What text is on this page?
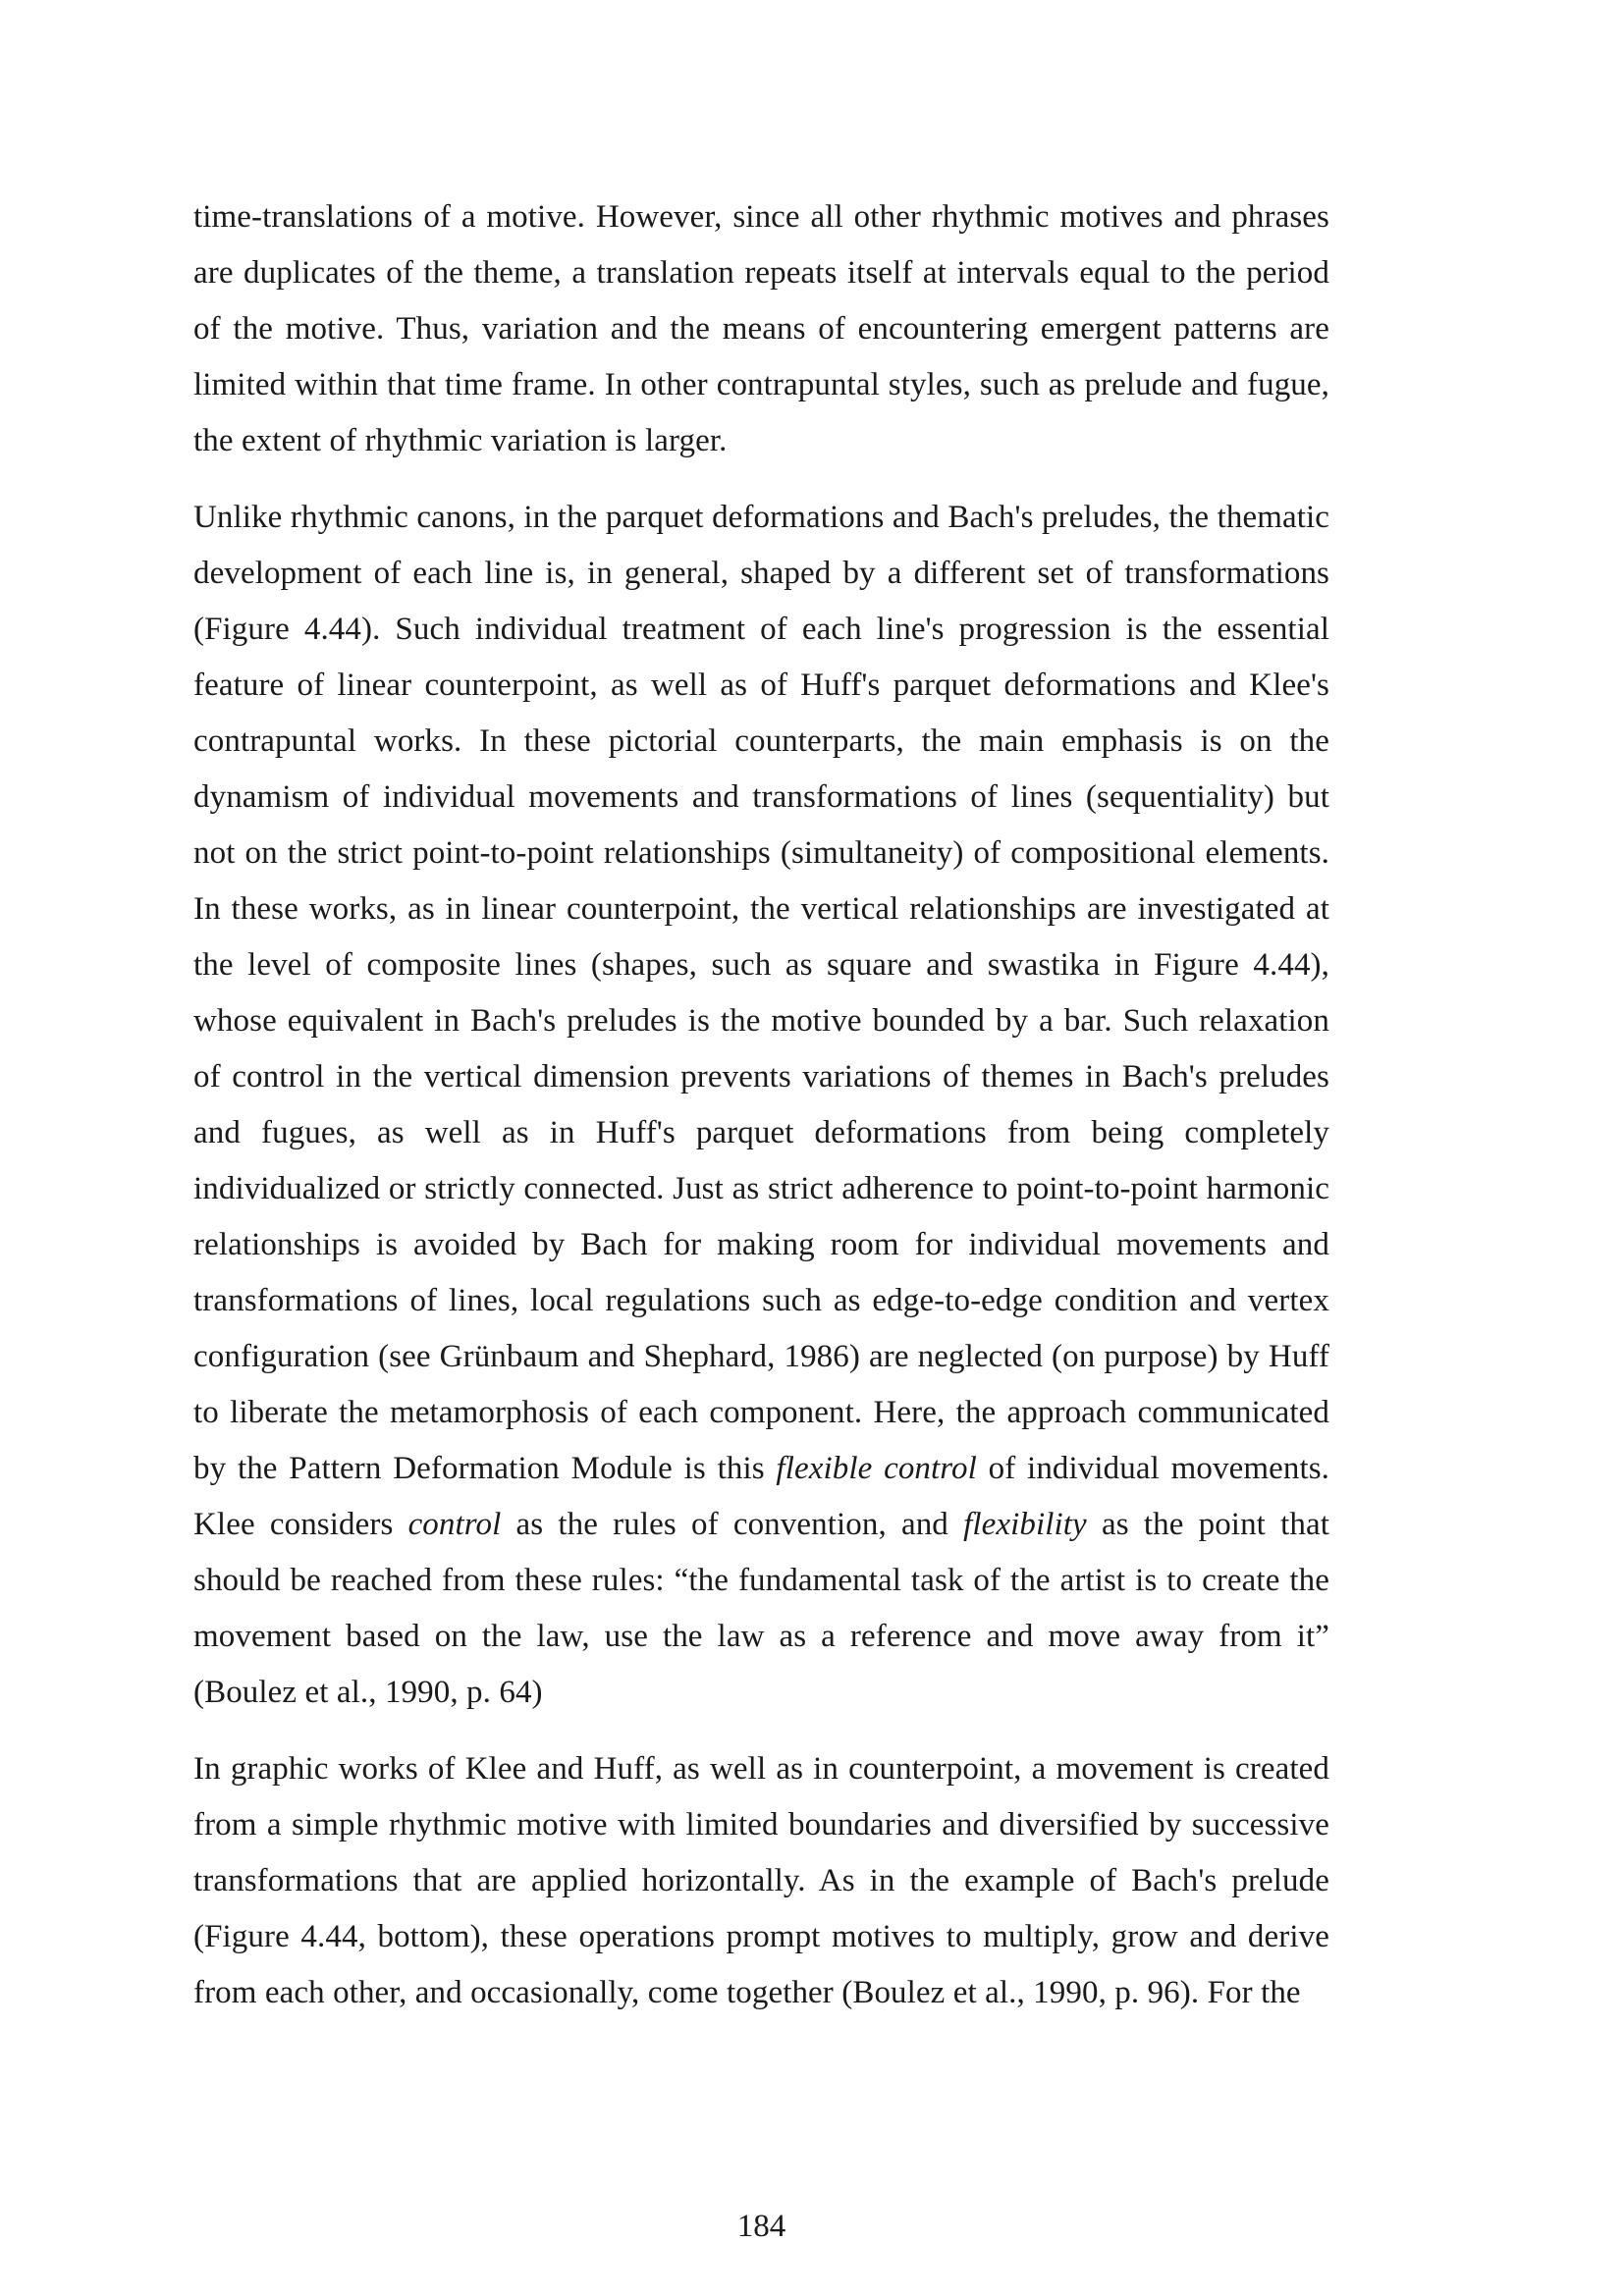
time-translations of a motive. However, since all other rhythmic motives and phrases are duplicates of the theme, a translation repeats itself at intervals equal to the period of the motive. Thus, variation and the means of encountering emergent patterns are limited within that time frame. In other contrapuntal styles, such as prelude and fugue, the extent of rhythmic variation is larger.

Unlike rhythmic canons, in the parquet deformations and Bach's preludes, the thematic development of each line is, in general, shaped by a different set of transformations (Figure 4.44). Such individual treatment of each line's progression is the essential feature of linear counterpoint, as well as of Huff's parquet deformations and Klee's contrapuntal works. In these pictorial counterparts, the main emphasis is on the dynamism of individual movements and transformations of lines (sequentiality) but not on the strict point-to-point relationships (simultaneity) of compositional elements. In these works, as in linear counterpoint, the vertical relationships are investigated at the level of composite lines (shapes, such as square and swastika in Figure 4.44), whose equivalent in Bach's preludes is the motive bounded by a bar. Such relaxation of control in the vertical dimension prevents variations of themes in Bach's preludes and fugues, as well as in Huff's parquet deformations from being completely individualized or strictly connected. Just as strict adherence to point-to-point harmonic relationships is avoided by Bach for making room for individual movements and transformations of lines, local regulations such as edge-to-edge condition and vertex configuration (see Grünbaum and Shephard, 1986) are neglected (on purpose) by Huff to liberate the metamorphosis of each component. Here, the approach communicated by the Pattern Deformation Module is this flexible control of individual movements. Klee considers control as the rules of convention, and flexibility as the point that should be reached from these rules: “the fundamental task of the artist is to create the movement based on the law, use the law as a reference and move away from it” (Boulez et al., 1990, p. 64)

In graphic works of Klee and Huff, as well as in counterpoint, a movement is created from a simple rhythmic motive with limited boundaries and diversified by successive transformations that are applied horizontally. As in the example of Bach's prelude (Figure 4.44, bottom), these operations prompt motives to multiply, grow and derive from each other, and occasionally, come together (Boulez et al., 1990, p. 96). For the

184
